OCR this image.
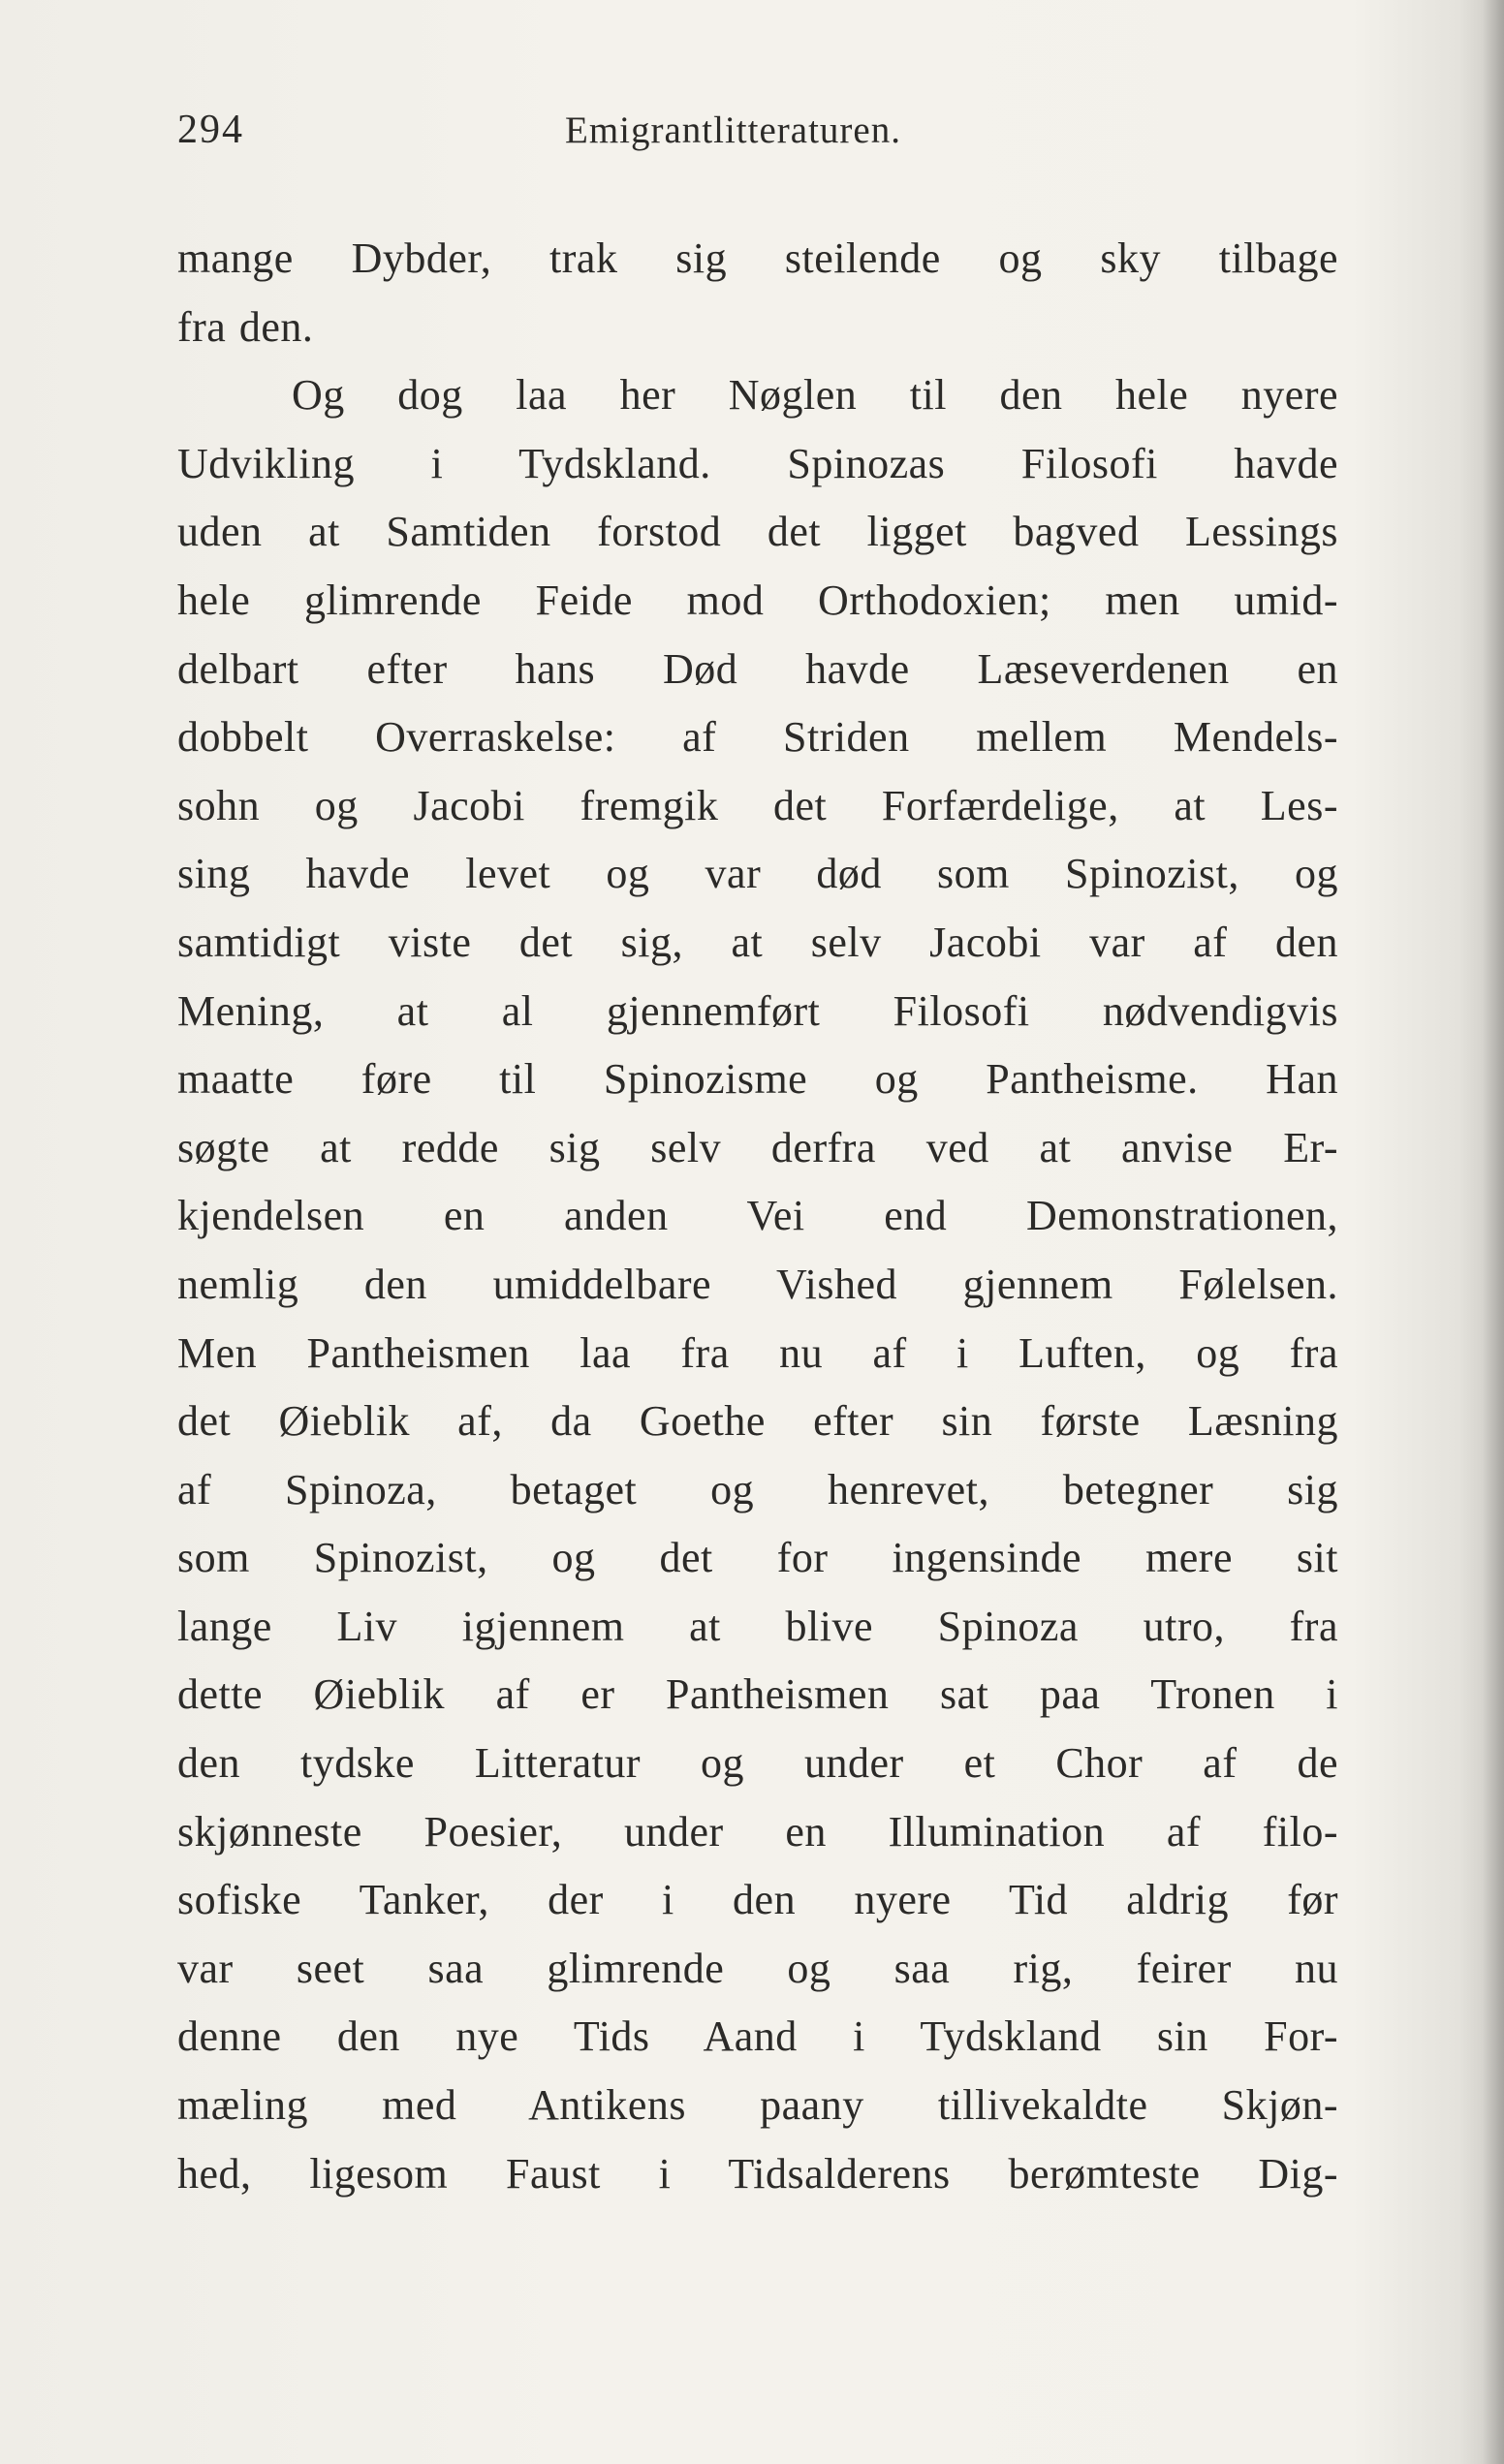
294	Emigrantlitteraturen.
mange Dybder, trak sig steilende og sky tilbage
fra den.
Og dog laa her Nøglen til den hele nyere
Udvikling i Tydskland. Spinozas Filosofi havde
uden at Samtiden forstod det ligget bagved Lessings
hele glimrende Feide mod Orthodoxien; men umid-
delbart efter hans Død havde Læseverdenen en
dobbelt Overraskelse: af Striden mellem Mendels-
sohn og Jacobi fremgik det Forfærdelige, at Les-
sing havde levet og var død som Spinozist, og
samtidigt viste det sig, at selv Jacobi var af den
Mening, at al gjennemført Filosofi nødvendigvis
maatte føre til Spinozisme og Pantheisme. Han
søgte at redde sig selv derfra ved at anvise Er-
kjendelsen en anden Vei end Demonstrationen,
nemlig den umiddelbare Vished gjennem Følelsen.
Men Pantheismen laa fra nu af i Luften, og fra
det Øieblik af, da Goethe efter sin første Læsning
af Spinoza, betaget og henrevet, betegner sig
som Spinozist, og det for ingensinde mere sit
lange Liv igjennem at blive Spinoza utro, fra
dette Øieblik af er Pantheismen sat paa Tronen i
den tydske Litteratur og under et Chor af de
skjønneste Poesier, under en Illumination af filo-
sofiske Tanker, der i den nyere Tid aldrig før
var seet saa glimrende og saa rig, feirer nu
denne den nye Tids Aand i Tydskland sin For-
mæling med Antikens paany tillivekaldte Skjøn-
hed, ligesom Faust i Tidsalderens berømteste Dig-
